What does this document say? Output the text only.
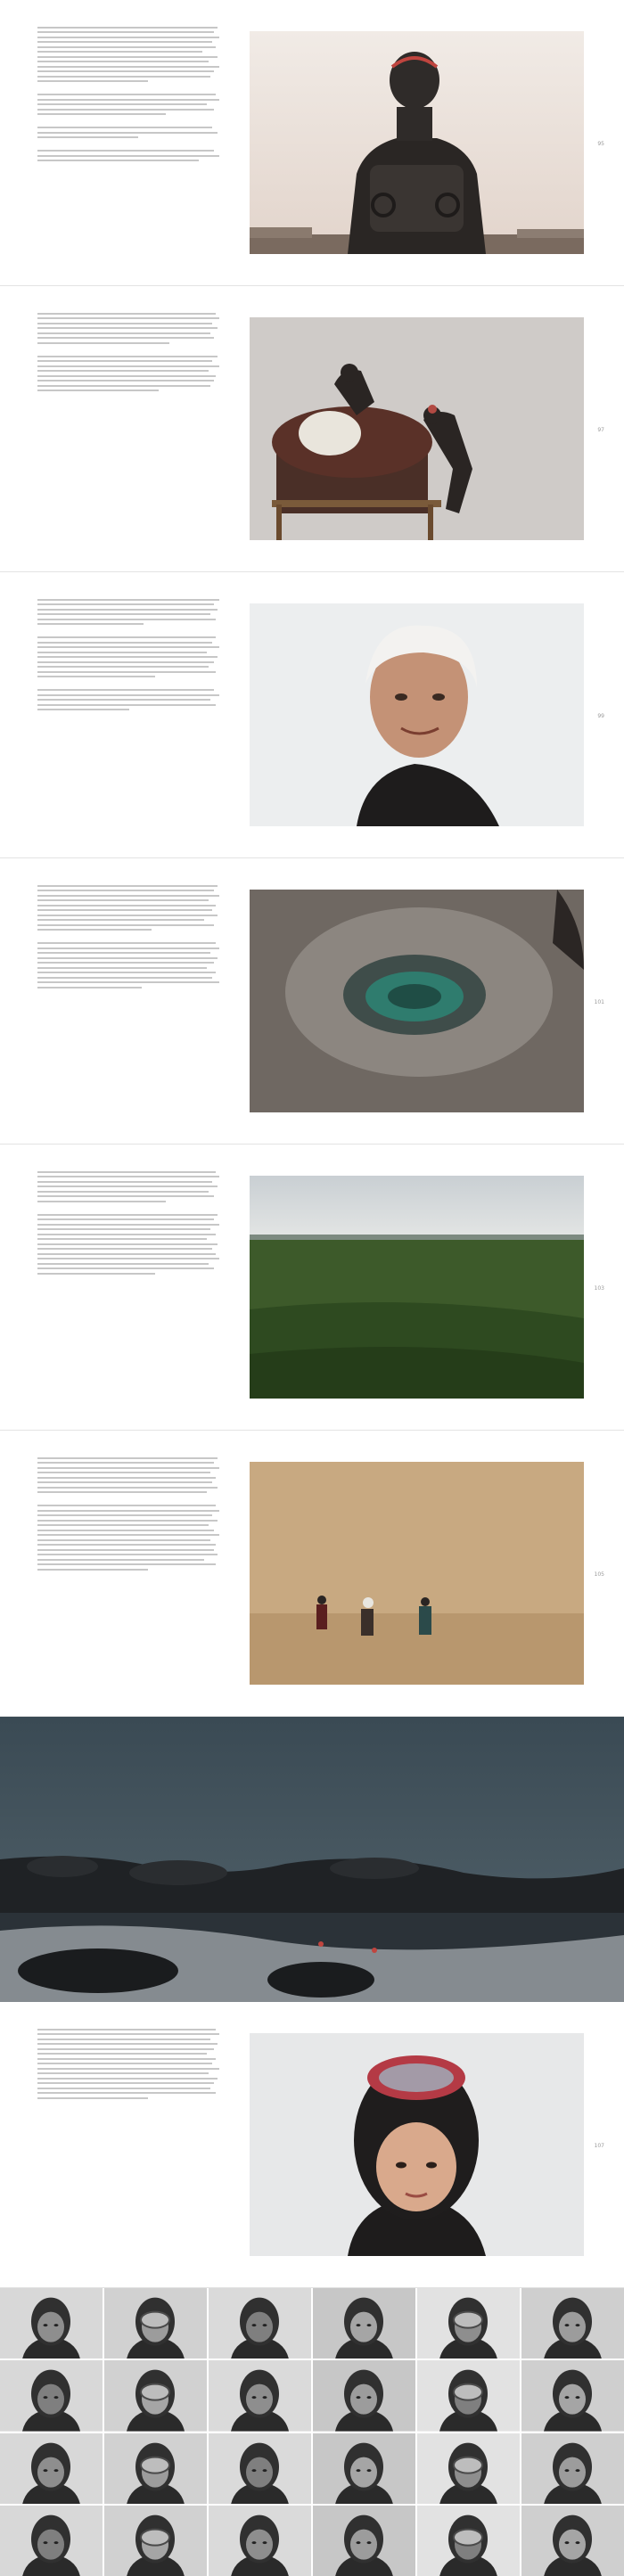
95
97
99
101
103
105
107
